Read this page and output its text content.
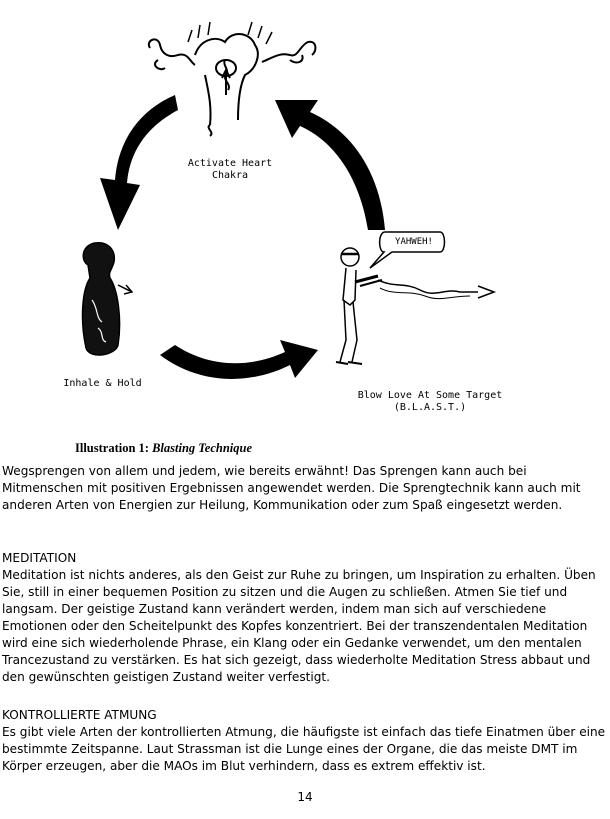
Activate Heart
Chakra
Inhale & Hold
Blow Love At Some Target
(B.L.A.S.T.)
YAHWEH!
Illustration 1: Blasting Technique

Wegsprengen von allem und jedem, wie bereits erwähnt! Das Sprengen kann auch bei Mitmenschen mit positiven Ergebnissen angewendet werden. Die Sprengtechnik kann auch mit anderen Arten von Energien zur Heilung, Kommunikation oder zum Spaß eingesetzt werden.

MEDITATION

Meditation ist nichts anderes, als den Geist zur Ruhe zu bringen, um Inspiration zu erhalten. Üben Sie, still in einer bequemen Position zu sitzen und die Augen zu schließen. Atmen Sie tief und langsam. Der geistige Zustand kann verändert werden, indem man sich auf verschiedene Emotionen oder den Scheitelpunkt des Kopfes konzentriert. Bei der transzendentalen Meditation wird eine sich wiederholende Phrase, ein Klang oder ein Gedanke verwendet, um den mentalen Trancezustand zu verstärken. Es hat sich gezeigt, dass wiederholte Meditation Stress abbaut und den gewünschten geistigen Zustand weiter verfestigt.

KONTROLLIERTE ATMUNG

Es gibt viele Arten der kontrollierten Atmung, die häufigste ist einfach das tiefe Einatmen über eine bestimmte Zeitspanne. Laut Strassman ist die Lunge eines der Organe, die das meiste DMT im Körper erzeugen, aber die MAOs im Blut verhindern, dass es extrem effektiv ist.

14
